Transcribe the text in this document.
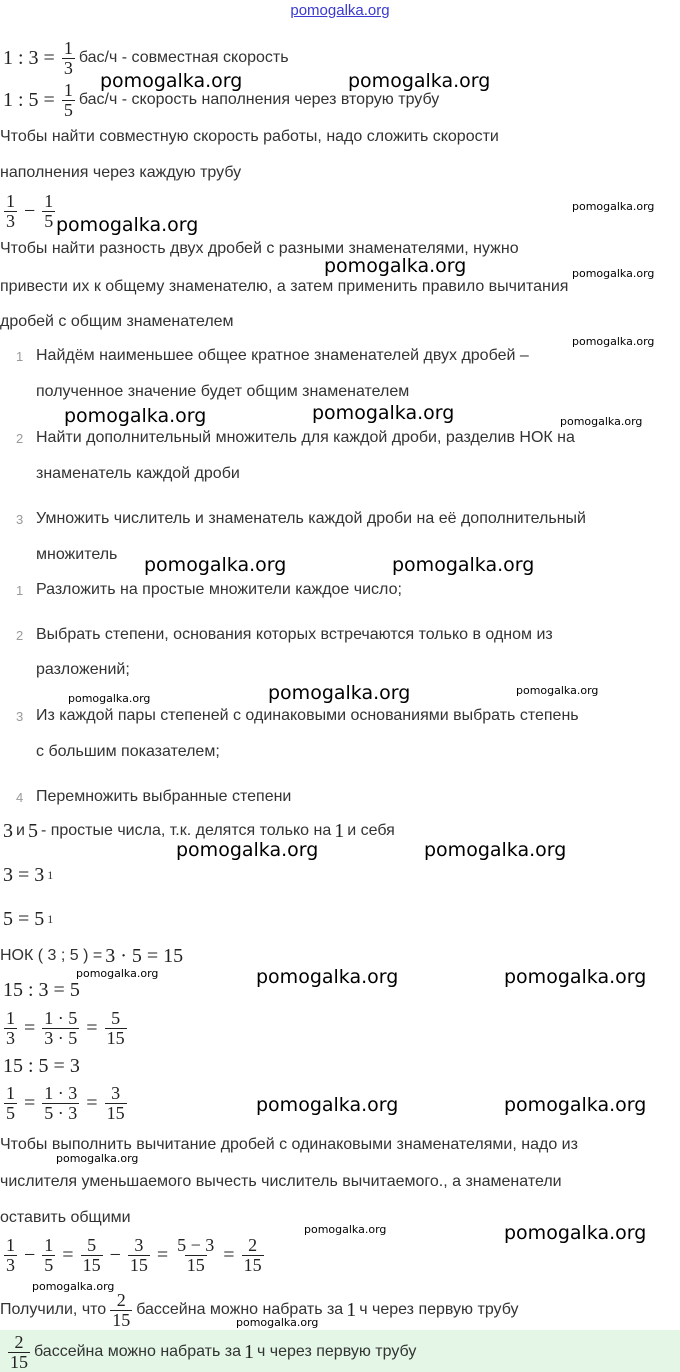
pomogalka.org
1 : $3 = \frac{1}{3} бас/ч$ - совместная скорость
1 : $5 = \frac{1}{5} бас/ч$ - скорость наполнения через вторую трубу
Чтобы найти совместную скорость работы, надо сложить скорости
наполнения через каждую трубу
$\frac{1}{3} - \frac{1}{5}$
Чтобы найти разность двух дробей с разными знаменателями, нужно
привести их к общему знаменателю, а затем применить правило вычитания
дробей с общим знаменателем
1 Найдём наименьшее общее кратное знаменателей двух дробей –
полученное значение будет общим знаменателем
2 Найти дополнительный множитель для каждой дроби, разделив НОК на
знаменатель каждой дроби
3 Умножить числитель и знаменатель каждой дроби на её дополнительный
множитель
1 Разложить на простые множители каждое число;
2 Выбрать степени, основания которых встречаются только в одном из
разложений;
3 Из каждой пары степеней с одинаковыми основаниями выбрать степень
с большим показателем;
4 Перемножить выбранные степени
3 и 5 - простые числа, т.к. делятся только на 1 и себя
3 = 3 1
5 = 5 1
НОК ( 3 ; 5 ) = 3 · 5 = 15
15 : 3 = 5
$\frac{1}{3} = \frac{1 \cdot 5}{3 \cdot 5} = \frac{5}{15}$
15 : 5 = 3
$\frac{1}{5} = \frac{1 \cdot 3}{5 \cdot 3} = \frac{3}{15}$
Чтобы выполнить вычитание дробей с одинаковыми знаменателями, надо из
числителя уменьшаемого вычесть числитель вычитаемого., а знаменатели
оставить общими
$\frac{1}{3} - \frac{1}{5} = \frac{5}{15} - \frac{3}{15} = \frac{5 - 3}{15} = \frac{2}{15}$
Получили, что $\frac{2}{15}$ бассейна можно набрать за 1 ч через первую трубу
$\frac{2}{15}$ бассейна можно набрать за 1 ч через первую трубу
pomogalka.org	pomogalka.org
pomogalka.org
pomogalka.org
pomogalka.org	pomogalka.org
pomogalka.org	pomogalka.org
pomogalka.org
pomogalka.org	pomogalka.org
pomogalka.org	pomogalka.org
pomogalka.org	pomogalka.org
pomogalka.org
pomogalka.org
pomogalka.org
pomogalka.org
pomogalka.org
pomogalka.org
pomogalka.org
pomogalka.org
pomogalka.org
pomogalka.org
pomogalka.org
pomogalka.org
